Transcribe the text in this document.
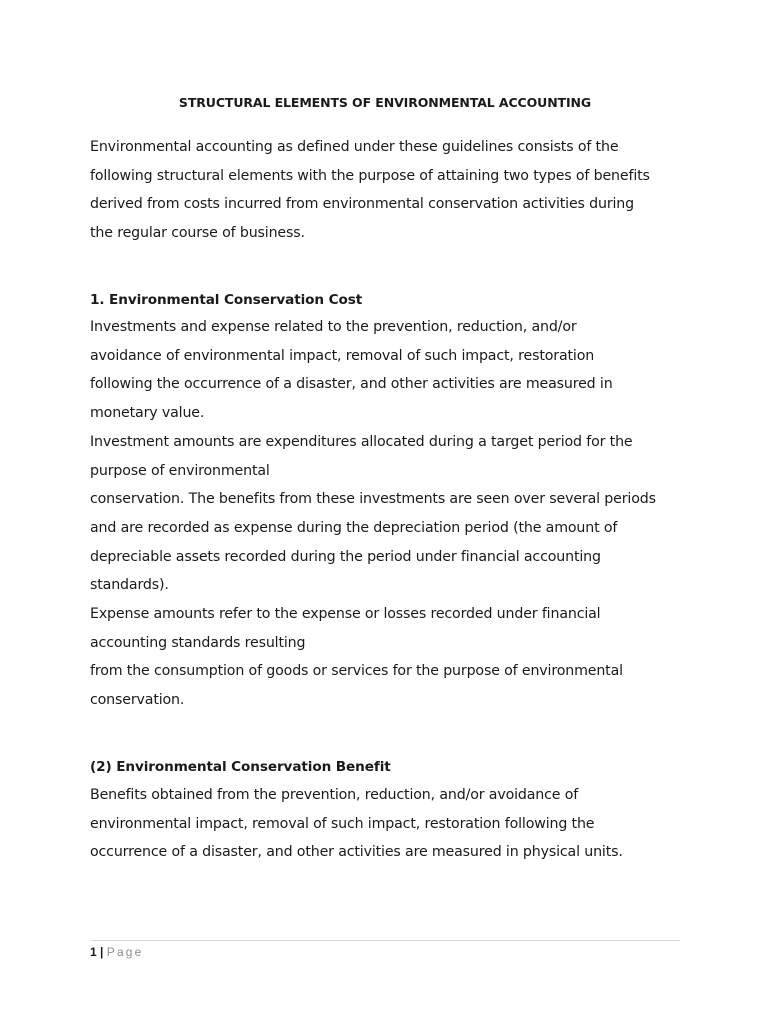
STRUCTURAL ELEMENTS OF ENVIRONMENTAL ACCOUNTING

Environmental accounting as defined under these guidelines consists of the
following structural elements with the purpose of attaining two types of benefits
derived from costs incurred from environmental conservation activities during
the regular course of business.

1. Environmental Conservation Cost

Investments and expense related to the prevention, reduction, and/or
avoidance of environmental impact, removal of such impact, restoration
following the occurrence of a disaster, and other activities are measured in
monetary value.
Investment amounts are expenditures allocated during a target period for the
purpose of environmental
conservation. The benefits from these investments are seen over several periods
and are recorded as expense during the depreciation period (the amount of
depreciable assets recorded during the period under financial accounting
standards).
Expense amounts refer to the expense or losses recorded under financial
accounting standards resulting
from the consumption of goods or services for the purpose of environmental
conservation.

(2) Environmental Conservation Benefit

Benefits obtained from the prevention, reduction, and/or avoidance of
environmental impact, removal of such impact, restoration following the
occurrence of a disaster, and other activities are measured in physical units.

1 | Page
